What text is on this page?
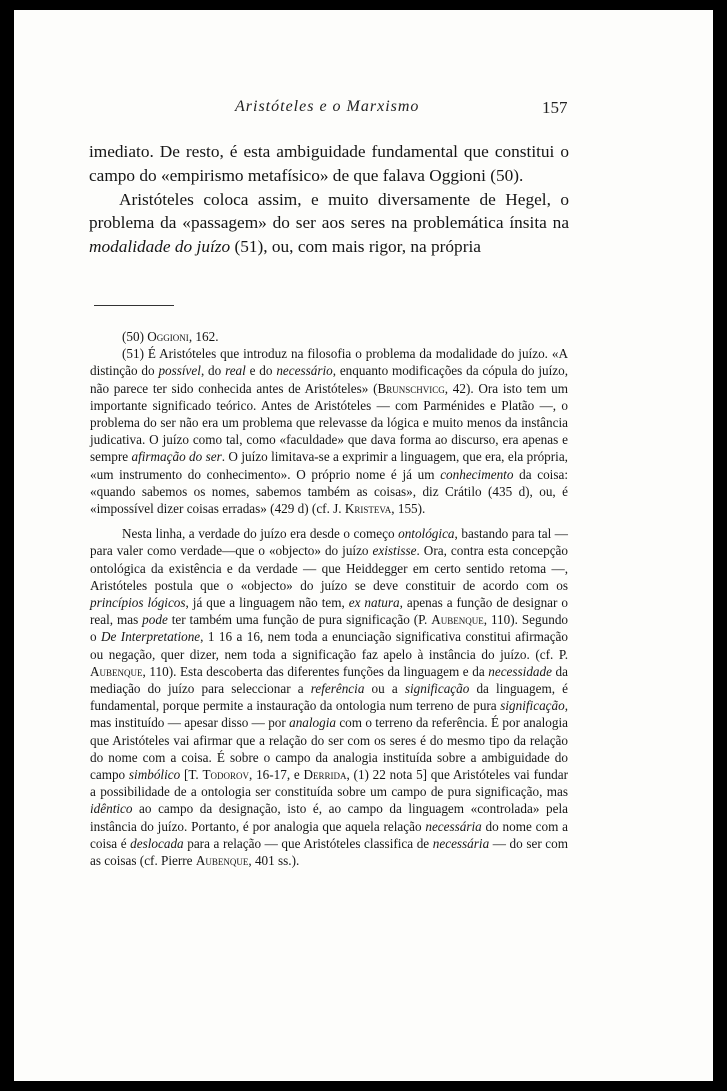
Aristóteles e o Marxismo	157

imediato. De resto, é esta ambiguidade fundamental que constitui o campo do «empirismo metafísico» de que falava Oggioni (50).

Aristóteles coloca assim, e muito diversamente de Hegel, o problema da «passagem» do ser aos seres na problemática ínsita na modalidade do juízo (51), ou, com mais rigor, na própria

(50) Oggioni, 162.

(51) É Aristóteles que introduz na filosofia o problema da modalidade do juízo. «A distinção do possível, do real e do necessário, enquanto modificações da cópula do juízo, não parece ter sido conhecida antes de Aristóteles» (Brunschvicg, 42). Ora isto tem um importante significado teórico. Antes de Aristóteles — com Parménides e Platão —, o problema do ser não era um problema que relevasse da lógica e muito menos da instância judicativa. O juízo como tal, como «faculdade» que dava forma ao discurso, era apenas e sempre afirmação do ser. O juízo limitava-se a exprimir a linguagem, que era, ela própria, «um instrumento do conhecimento». O próprio nome é já um conhecimento da coisa: «quando sabemos os nomes, sabemos também as coisas», diz Crátilo (435 d), ou, é «impossível dizer coisas erradas» (429 d) (cf. J. Kristeva, 155).

Nesta linha, a verdade do juízo era desde o começo ontológica, bastando para tal — para valer como verdade—que o «objecto» do juízo existisse. Ora, contra esta concepção ontológica da existência e da verdade — que Heiddegger em certo sentido retoma —, Aristóteles postula que o «objecto» do juízo se deve constituir de acordo com os princípios lógicos, já que a linguagem não tem, ex natura, apenas a função de designar o real, mas pode ter também uma função de pura significação (P. Aubenque, 110). Segundo o De Interpretatione, 1 16 a 16, nem toda a enunciação significativa constitui afirmação ou negação, quer dizer, nem toda a significação faz apelo à instância do juízo. (cf. P. Aubenque, 110). Esta descoberta das diferentes funções da linguagem e da necessidade da mediação do juízo para seleccionar a referência ou a significação da linguagem, é fundamental, porque permite a instauração da ontologia num terreno de pura significação, mas instituído — apesar disso — por analogia com o terreno da referência. É por analogia que Aristóteles vai afirmar que a relação do ser com os seres é do mesmo tipo da relação do nome com a coisa. É sobre o campo da analogia instituída sobre a ambiguidade do campo simbólico [T. Todorov, 16-17, e Derrida, (1) 22 nota 5] que Aristóteles vai fundar a possibilidade de a ontologia ser constituída sobre um campo de pura significação, mas idêntico ao campo da designação, isto é, ao campo da linguagem «controlada» pela instância do juízo. Portanto, é por analogia que aquela relação necessária do nome com a coisa é deslocada para a relação — que Aristóteles classifica de necessária — do ser com as coisas (cf. Pierre Aubenque, 401 ss.).
